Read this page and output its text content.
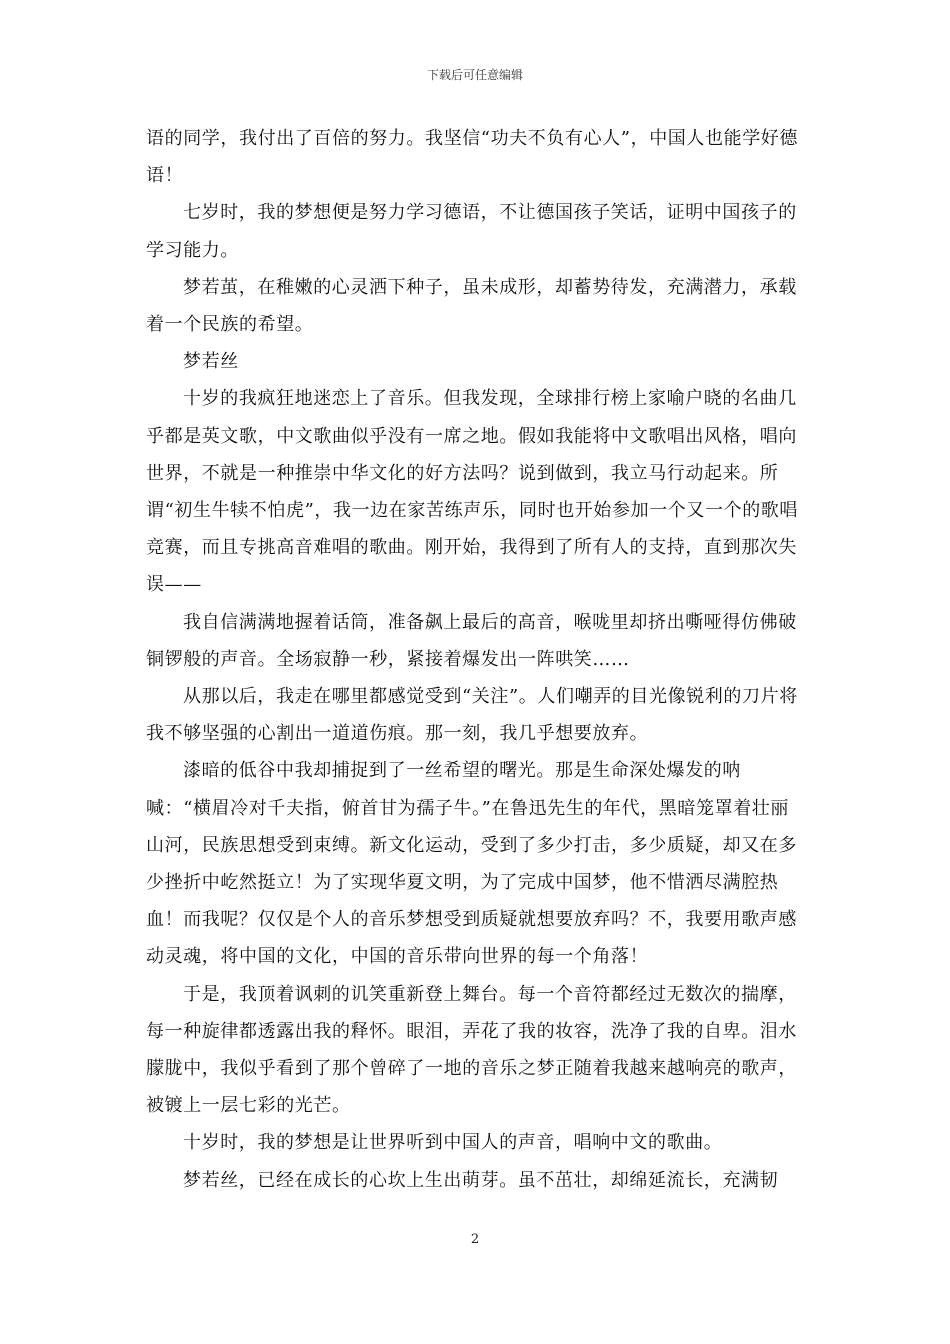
下载后可任意编辑

语的同学，我付出了百倍的努力。我坚信“功夫不负有心人”，中国人也能学好德语！

七岁时，我的梦想便是努力学习德语，不让德国孩子笑话，证明中国孩子的学习能力。

梦若茧，在稚嫩的心灵洒下种子，虽未成形，却蓄势待发，充满潜力，承载着一个民族的希望。

梦若丝

十岁的我疯狂地迷恋上了音乐。但我发现，全球排行榜上家喻户晓的名曲几乎都是英文歌，中文歌曲似乎没有一席之地。假如我能将中文歌唱出风格，唱向世界，不就是一种推崇中华文化的好方法吗？说到做到，我立马行动起来。所谓“初生牛犊不怕虎”，我一边在家苦练声乐，同时也开始参加一个又一个的歌唱竞赛，而且专挑高音难唱的歌曲。刚开始，我得到了所有人的支持，直到那次失误——

我自信满满地握着话筒，准备飙上最后的高音，喉咙里却挤出嘶哑得仿佛破铜锣般的声音。全场寂静一秒，紧接着爆发出一阵哄笑……

从那以后，我走在哪里都感觉受到“关注”。人们嘲弄的目光像锐利的刀片将我不够坚强的心割出一道道伤痕。那一刻，我几乎想要放弃。

漆暗的低谷中我却捕捉到了一丝希望的曙光。那是生命深处爆发的呐喊：“横眉冷对千夫指，俯首甘为孺子牛。”在鲁迅先生的年代，黑暗笼罩着壮丽山河，民族思想受到束缚。新文化运动，受到了多少打击，多少质疑，却又在多少挫折中屹然挺立！为了实现华夏文明，为了完成中国梦，他不惜洒尽满腔热血！而我呢？仅仅是个人的音乐梦想受到质疑就想要放弃吗？不，我要用歌声感动灵魂，将中国的文化，中国的音乐带向世界的每一个角落！

于是，我顶着讽刺的讥笑重新登上舞台。每一个音符都经过无数次的揣摩，每一种旋律都透露出我的释怀。眼泪，弄花了我的妆容，洗净了我的自卑。泪水朦胧中，我似乎看到了那个曾碎了一地的音乐之梦正随着我越来越响亮的歌声，被镀上一层七彩的光芒。

十岁时，我的梦想是让世界听到中国人的声音，唱响中文的歌曲。

梦若丝，已经在成长的心坎上生出萌芽。虽不茁壮，却绵延流长，充满韧

2
